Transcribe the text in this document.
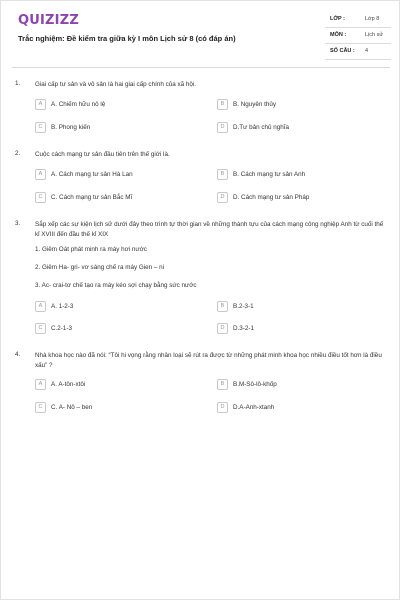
QUIZIZZ
Trắc nghiệm: Đề kiểm tra giữa kỳ I môn Lịch sử 8 (có đáp án)
LỚP :	Lớp 8
MÔN :	Lịch sử
SỐ CÂU : 4
1. Giai cấp tư sản và vô sản là hai giai cấp chính của xã hội.
A	A. Chiếm hữu nô lệ	B	B. Nguyên thủy
C	B. Phong kiến	D	D.Tư bản chủ nghĩa
2. Cuộc cách mạng tư sản đầu tiên trên thế giới là.
A	A. Cách mạng tư sản Hà Lan	B	B. Cách mạng tư sản Anh
C	C. Cách mạng tư sản Bắc Mĩ	D	D. Cách mạng tư sản Pháp
3. Sắp xếp các sự kiện lịch sử dưới đây theo trình tự thời gian về những thành tựu của cách mạng công nghiệp Anh từ cuối thế kỉ XVIII đến đầu thế kỉ XIX
1. Giêm Oát phát minh ra máy hơi nước
2. Giêm Ha- gri- vơ sáng chế ra máy Gien – ni
3. Ac- crai-tơ chế tạo ra máy kéo sợi chạy bằng sức nước
A	A. 1-2-3	B	B.2-3-1
C	C.2-1-3	D	D.3-2-1
4. Nhà khoa học nào đã nói: “Tôi hi vọng rằng nhân loại sẽ rút ra được từ những phát minh khoa học nhiều điều tốt hơn là điều xấu” ?
A	A. A-tôn-xtôi	B	B.M-Sô-lô-khốp
C	C. A- Nô – ben	D	D.A-Anh-xtanh
